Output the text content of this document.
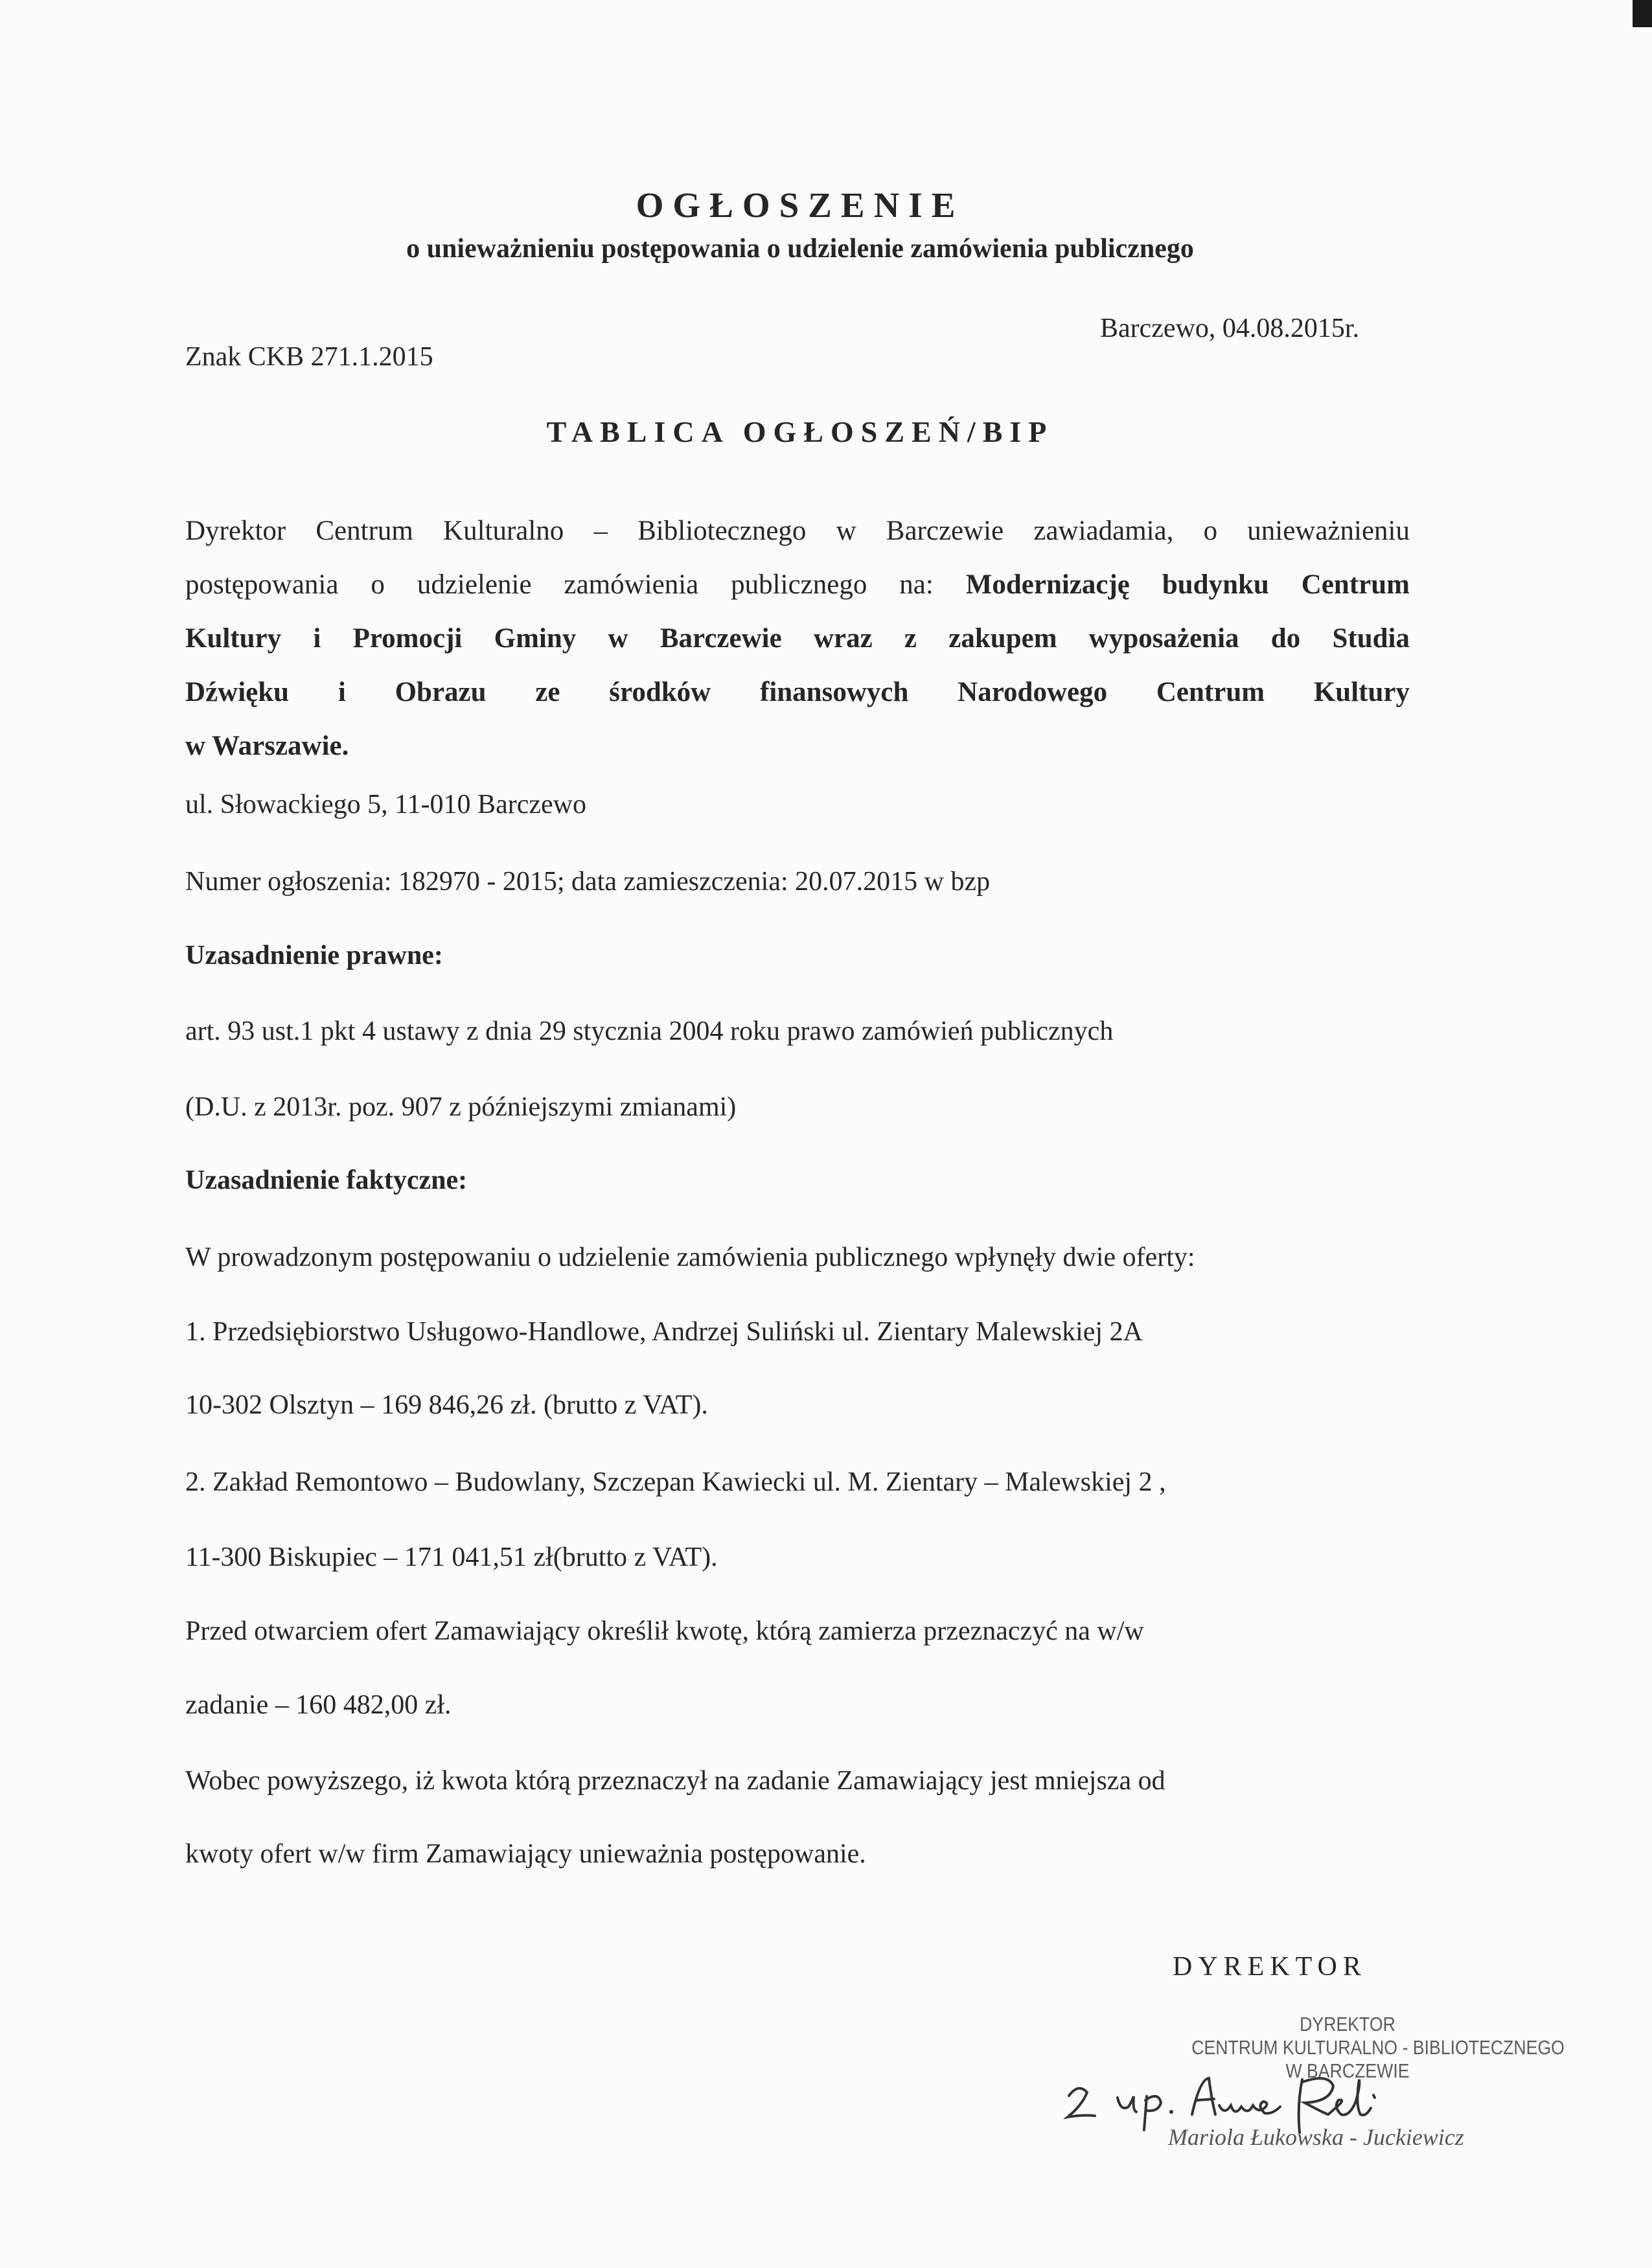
OGŁOSZENIE
o unieważnieniu postępowania o udzielenie zamówienia publicznego
Barczewo, 04.08.2015r.
Znak CKB 271.1.2015
TABLICA OGŁOSZEŃ/BIP
Dyrektor Centrum Kulturalno – Bibliotecznego w Barczewie zawiadamia, o unieważnieniu
postępowania o udzielenie zamówienia publicznego na: Modernizację budynku Centrum
Kultury i Promocji Gminy w Barczewie wraz z zakupem wyposażenia do Studia
Dźwięku i Obrazu ze środków finansowych Narodowego Centrum Kultury
w Warszawie.
ul. Słowackiego 5, 11-010 Barczewo
Numer ogłoszenia: 182970 - 2015; data zamieszczenia: 20.07.2015 w bzp
Uzasadnienie prawne:
art. 93 ust.1 pkt 4 ustawy z dnia 29 stycznia 2004 roku prawo zamówień publicznych
(D.U. z 2013r. poz. 907 z późniejszymi zmianami)
Uzasadnienie faktyczne:
W prowadzonym postępowaniu o udzielenie zamówienia publicznego wpłynęły dwie oferty:
1. Przedsiębiorstwo Usługowo-Handlowe, Andrzej Suliński ul. Zientary Malewskiej 2A
10-302 Olsztyn – 169 846,26 zł. (brutto z VAT).
2. Zakład Remontowo – Budowlany, Szczepan Kawiecki ul. M. Zientary – Malewskiej 2 ,
11-300 Biskupiec – 171 041,51 zł(brutto z VAT).
Przed otwarciem ofert Zamawiający określił kwotę, którą zamierza przeznaczyć na w/w
zadanie – 160 482,00 zł.
Wobec powyższego, iż kwota którą przeznaczył na zadanie Zamawiający jest mniejsza od
kwoty ofert w/w firm Zamawiający unieważnia postępowanie.
DYREKTOR
DYREKTOR
CENTRUM KULTURALNO - BIBLIOTECZNEGO
W BARCZEWIE
Mariola Łukowska - Juckiewicz
